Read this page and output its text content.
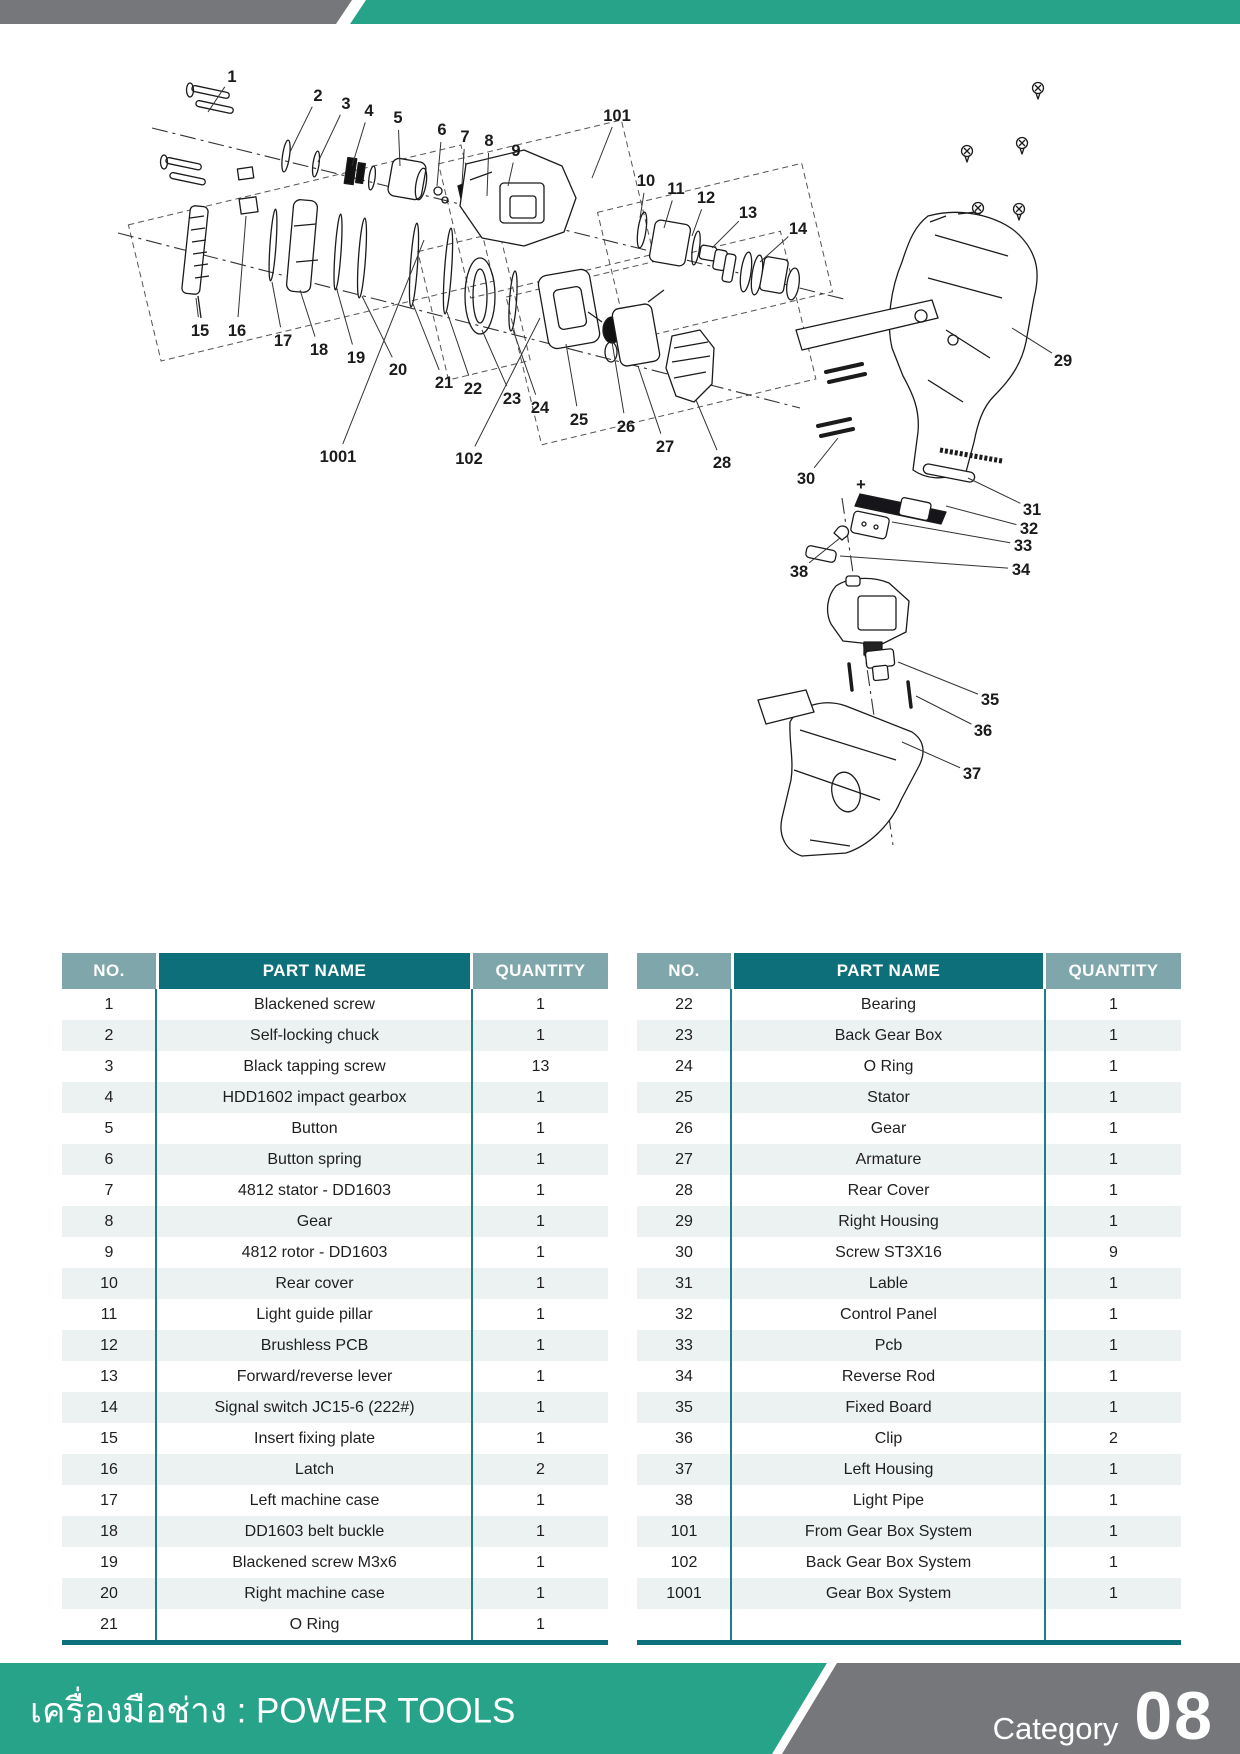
1
2 3 4 5
6 7 8
9
101
10 11 12
13
14
15 16
17 18 19
20
21 22
23 24
25 26
27
28
30
29
31
32
33
34
38
35
36
37
1001	102
+
NO.	PART NAME	QUANTITY
1	Blackened screw	1
2	Self-locking chuck	1
3	Black tapping screw	13
4	HDD1602 impact gearbox	1
5	Button	1
6	Button spring	1
7	4812 stator - DD1603	1
8	Gear	1
9	4812 rotor - DD1603	1
10	Rear cover	1
11	Light guide pillar	1
12	Brushless PCB	1
13	Forward/reverse lever	1
14	Signal switch JC15-6 (222#)	1
15	Insert fixing plate	1
16	Latch	2
17	Left machine case	1
18	DD1603 belt buckle	1
19	Blackened screw M3x6	1
20	Right machine case	1
21	O Ring	1
NO.	PART NAME	QUANTITY
22	Bearing	1
23	Back Gear Box	1
24	O Ring	1
25	Stator	1
26	Gear	1
27	Armature	1
28	Rear Cover	1
29	Right Housing	1
30	Screw ST3X16	9
31	Lable	1
32	Control Panel	1
33	Pcb	1
34	Reverse Rod	1
35	Fixed Board	1
36	Clip	2
37	Left Housing	1
38	Light Pipe	1
101	From Gear Box System	1
102	Back Gear Box System	1
1001	Gear Box System	1
เครื่องมือช่าง : POWER TOOLS	Category 08
